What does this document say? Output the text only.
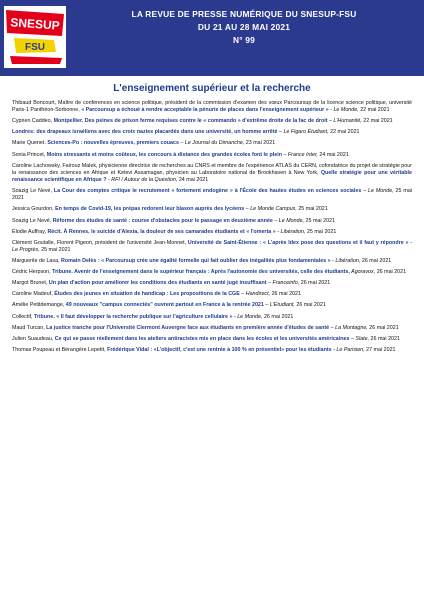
SNESUP
FSU
LA REVUE DE PRESSE NUMÉRIQUE DU SNESUP-FSU
DU 21 AU 28 MAI 2021
N° 99
L'enseignement supérieur et la recherche
Thibaud Boncourt, Maître de conférences en science politique, président de la commission d'examen des vœux Parcoursup de la licence science politique, université Paris-1 Panthéon-Sorbonne, « Parcoursup a échoué à rendre acceptable la pénurie de places dans l'enseignement supérieur » - Le Monde, 22 mai 2021
Cyprien Caddeo, Montpellier. Des peines de prison ferme requises contre le « commando » d'extrême droite de la fac de droit – L'Humanité, 22 mai 2021
Londres: des drapeaux israéliens avec des croix nazies placardés dans une université, un homme arrêté – Le Figaro Étudiant, 22 mai 2021
Marie Quenet. Sciences-Po : nouvelles épreuves, premiers couacs – Le Journal du Dimanche, 23 mai 2021
Sonia Princet, Moins stressants et moins coûteux, les concours à distance des grandes écoles font le plein – France Inter, 24 mai 2021
Caroline Lachowsky, Fairouz Malek, physicienne directrice de recherches au CNRS et membre de l'expérience ATLAS du CERN, cofondatrice du projet de stratégie pour la renaissance des sciences en Afrique et Ketevi Assamagan, physicien au Laboratoire national de Brookhaven à New York, Quelle stratégie pour une véritable renaissance scientifique en Afrique ? - RFI / Autour de la Question, 24 mai 2021
Soazig Le Nevé, La Cour des comptes critique le recrutement « fortement endogène » à l'École des hautes études en sciences sociales – Le Monde, 25 mai 2021
Jessica Gourdon, En temps de Covid-19, les prépas redorent leur blason auprès des lycéens – Le Monde Campus, 25 mai 2021
Soazig Le Nevé, Réforme des études de santé : course d'obstacles pour le passage en deuxième année – Le Monde, 25 mai 2021
Élodie Auffray, Récit. À Rennes, le suicide d'Alexia, la douleur de ses camarades étudiants et « l'omerta » - Libération, 25 mai 2021
Clément Goutalle, Florent Pigeon, président de l'université Jean-Monnet, Université de Saint-Étienne : « L'après Idex pose des questions et il faut y répondre » - Le Progrès, 25 mai 2021
Marguerite de Lasa, Romain Delès : « Parcoursup crée une égalité formelle qui fait oublier des inégalités plus fondamentales » - Libération, 26 mai 2021
Cédric Herpson, Tribune. Avenir de l'enseignement dans le supérieur français : Après l'autonomie des universités, celle des étudiants, Agoravox, 26 mai 2021
Margot Brunet, Un plan d'action pour améliorer les conditions des étudiants en santé jugé insuffisant – Franceinfo, 26 mai 2021
Caroline Madeuf, Études des jeunes en situation de handicap : Les propositions de la CGE – Handirect, 26 mai 2021
Amélie Petitdemange, 49 nouveaux "campus connectés" ouvrent partout en France à la rentrée 2021 – L'Étudiant, 26 mai 2021
Collectif, Tribune. « Il faut développer la recherche publique sur l'agriculture cellulaire » - Le Monde, 26 mai 2021
Maud Turcan, La justice tranche pour l'Université Clermont Auvergne face aux étudiants en première année d'études de santé – La Montagne, 26 mai 2021
Julien Suaudeau, Ce qui se passe réellement dans les ateliers antiracistes mis en place dans les écoles et les universités américaines – Slate, 26 mai 2021
Thomas Poupeau et Bérangère Lepetit, Frédérique Vidal : «L'objectif, c'est une rentrée à 100 % en présentiel» pour les étudiants - Le Parisien, 27 mai 2021
